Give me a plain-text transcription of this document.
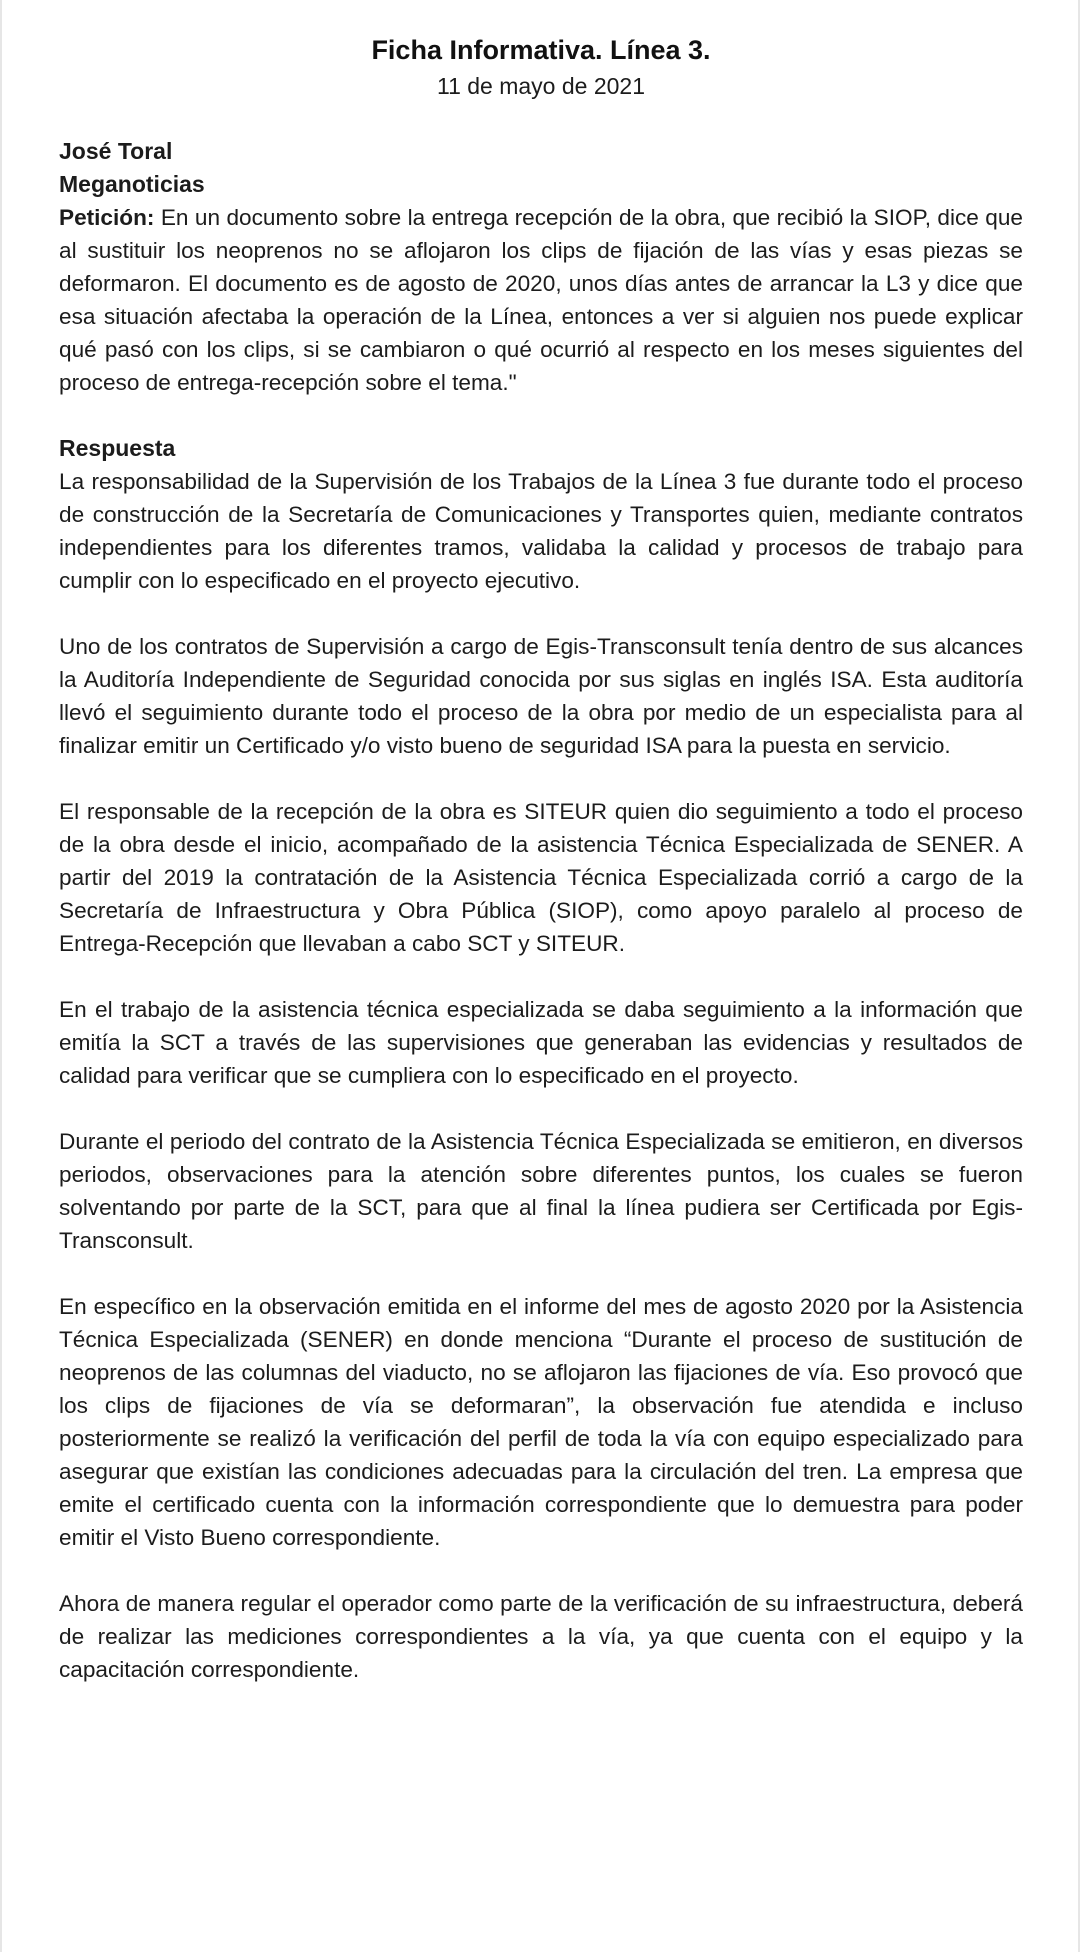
Ficha Informativa. Línea 3.
11 de mayo de 2021
José Toral
Meganoticias

Petición: En un documento sobre la entrega recepción de la obra, que recibió la SIOP, dice que al sustituir los neoprenos no se aflojaron los clips de fijación de las vías y esas piezas se deformaron. El documento es de agosto de 2020, unos días antes de arrancar la L3 y dice que esa situación afectaba la operación de la Línea, entonces a ver si alguien nos puede explicar qué pasó con los clips, si se cambiaron o qué ocurrió al respecto en los meses siguientes del proceso de entrega-recepción sobre el tema."

Respuesta

La responsabilidad de la Supervisión de los Trabajos de la Línea 3 fue durante todo el proceso de construcción de la Secretaría de Comunicaciones y Transportes quien, mediante contratos independientes para los diferentes tramos, validaba la calidad y procesos de trabajo para cumplir con lo especificado en el proyecto ejecutivo.

Uno de los contratos de Supervisión a cargo de Egis-Transconsult tenía dentro de sus alcances la Auditoría Independiente de Seguridad conocida por sus siglas en inglés ISA. Esta auditoría llevó el seguimiento durante todo el proceso de la obra por medio de un especialista para al finalizar emitir un Certificado y/o visto bueno de seguridad ISA para la puesta en servicio.

El responsable de la recepción de la obra es SITEUR quien dio seguimiento a todo el proceso de la obra desde el inicio, acompañado de la asistencia Técnica Especializada de SENER. A partir del 2019 la contratación de la Asistencia Técnica Especializada corrió a cargo de la Secretaría de Infraestructura y Obra Pública (SIOP), como apoyo paralelo al proceso de Entrega-Recepción que llevaban a cabo SCT y SITEUR.

En el trabajo de la asistencia técnica especializada se daba seguimiento a la información que emitía la SCT a través de las supervisiones que generaban las evidencias y resultados de calidad para verificar que se cumpliera con lo especificado en el proyecto.

Durante el periodo del contrato de la Asistencia Técnica Especializada se emitieron, en diversos periodos, observaciones para la atención sobre diferentes puntos, los cuales se fueron solventando por parte de la SCT, para que al final la línea pudiera ser Certificada por Egis-Transconsult.

En específico en la observación emitida en el informe del mes de agosto 2020 por la Asistencia Técnica Especializada (SENER) en donde menciona “Durante el proceso de sustitución de neoprenos de las columnas del viaducto, no se aflojaron las fijaciones de vía. Eso provocó que los clips de fijaciones de vía se deformaran”, la observación fue atendida e incluso posteriormente se realizó la verificación del perfil de toda la vía con equipo especializado para asegurar que existían las condiciones adecuadas para la circulación del tren. La empresa que emite el certificado cuenta con la información correspondiente que lo demuestra para poder emitir el Visto Bueno correspondiente.

Ahora de manera regular el operador como parte de la verificación de su infraestructura, deberá de realizar las mediciones correspondientes a la vía, ya que cuenta con el equipo y la capacitación correspondiente.
